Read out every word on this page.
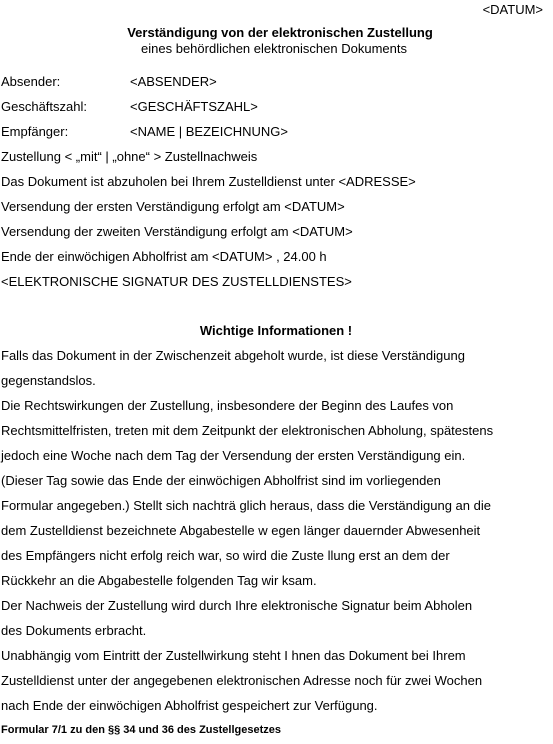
<DATUM>
Verständigung von der elektronischen Zustellung
eines behördlichen elektronischen Dokuments
Absender:	<ABSENDER>
Geschäftszahl:	<GESCHÄFTSZAHL>
Empfänger:	<NAME | BEZEICHNUNG>
Zustellung < „mit“ | „ohne“ > Zustellnachweis
Das Dokument ist abzuholen bei Ihrem Zustelldienst unter <ADRESSE>
Versendung der ersten Verständigung erfolgt am <DATUM>
Versendung der zweiten Verständigung erfolgt am <DATUM>
Ende der einwöchigen Abholfrist am <DATUM> , 24.00 h
<ELEKTRONISCHE SIGNATUR DES ZUSTELLDIENSTES>
Wichtige Informationen !
Falls das Dokument in der Zwischenzeit abgeholt wurde, ist diese Verständigung
gegenstandslos.
Die Rechtswirkungen der Zustellung, insbesondere der Beginn des Laufes von
Rechtsmittelfristen, treten mit dem Zeitpunkt der elektronischen Abholung, spätestens
jedoch eine Woche nach dem Tag der Versendung der ersten Verständigung ein.
(Dieser Tag sowie das Ende der einwöchigen Abholfrist sind im vorliegenden
Formular angegeben.) Stellt sich nachträ glich heraus, dass die Verständigung an die
dem Zustelldienst bezeichnete Abgabestelle w egen länger dauernder Abwesenheit
des Empfängers nicht erfolg reich war, so wird die Zuste llung erst an dem der
Rückkehr an die Abgabestelle folgenden Tag wir ksam.
Der Nachweis der Zustellung wird durch Ihre elektronische Signatur beim Abholen
des Dokuments erbracht.
Unabhängig vom Eintritt der Zustellwirkung steht I hnen das Dokument bei Ihrem
Zustelldienst unter der angegebenen elektronischen Adresse noch für zwei Wochen
nach Ende der einwöchigen Abholfrist gespeichert zur Verfügung.
Formular 7/1 zu den §§ 34 und 36 des Zustellgesetzes
